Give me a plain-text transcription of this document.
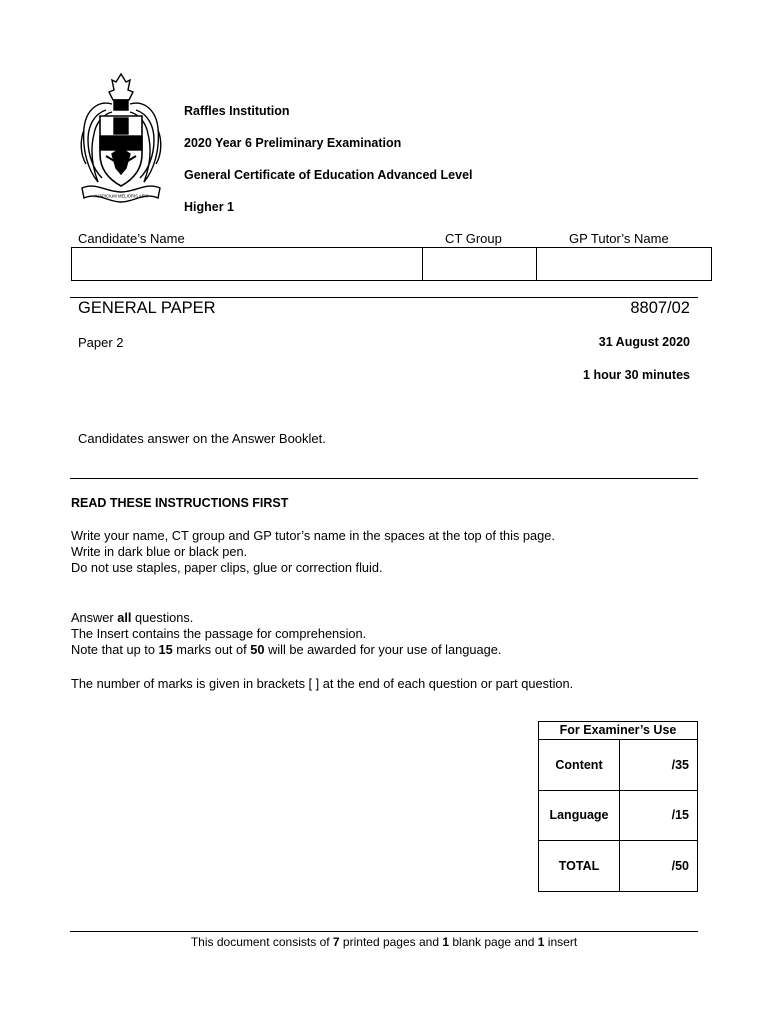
AUSPICIUM MELIORIS AEVI
Raffles Institution
2020 Year 6 Preliminary Examination
General Certificate of Education Advanced Level
Higher 1
Candidate’s Name	CT Group	GP Tutor’s Name
GENERAL PAPER	8807/02
Paper 2	31 August 2020
1 hour 30 minutes
Candidates answer on the Answer Booklet.
READ THESE INSTRUCTIONS FIRST
Write your name, CT group and GP tutor’s name in the spaces at the top of this page.
Write in dark blue or black pen.
Do not use staples, paper clips, glue or correction fluid.
Answer all questions.
The Insert contains the passage for comprehension.
Note that up to 15 marks out of 50 will be awarded for your use of language.
The number of marks is given in brackets [ ] at the end of each question or part question.
For Examiner’s Use
Content	/35
Language	/15
TOTAL	/50
This document consists of 7 printed pages and 1 blank page and 1 insert
